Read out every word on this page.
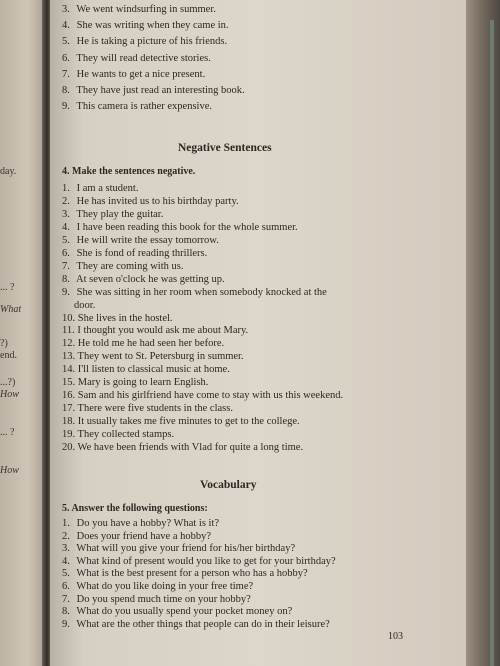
day.
... ?
What
?)
end.
...?)
How
... ?
How
3. We went windsurfing in summer.
4. She was writing when they came in.
5. He is taking a picture of his friends.
6. They will read detective stories.
7. He wants to get a nice present.
8. They have just read an interesting book.
9. This camera is rather expensive.
1. I am a student.
2. He has invited us to his birthday party.
3. They play the guitar.
4. I have been reading this book for the whole summer.
5. He will write the essay tomorrow.
6. She is fond of reading thrillers.
7. They are coming with us.
8. At seven o'clock he was getting up.
9. She was sitting in her room when somebody knocked at the
door.
10. She lives in the hostel.
11. I thought you would ask me about Mary.
12. He told me he had seen her before.
13. They went to St. Petersburg in summer.
14. I'll listen to classical music at home.
15. Mary is going to learn English.
16. Sam and his girlfriend have come to stay with us this weekend.
17. There were five students in the class.
18. It usually takes me five minutes to get to the college.
19. They collected stamps.
20. We have been friends with Vlad for quite a long time.
1. Do you have a hobby? What is it?
2. Does your friend have a hobby?
3. What will you give your friend for his/her birthday?
4. What kind of present would you like to get for your birthday?
5. What is the best present for a person who has a hobby?
6. What do you like doing in your free time?
7. Do you spend much time on your hobby?
8. What do you usually spend your pocket money on?
9. What are the other things that people can do in their leisure?
Negative Sentences
4. Make the sentences negative.
Vocabulary
5. Answer the following questions:
103
